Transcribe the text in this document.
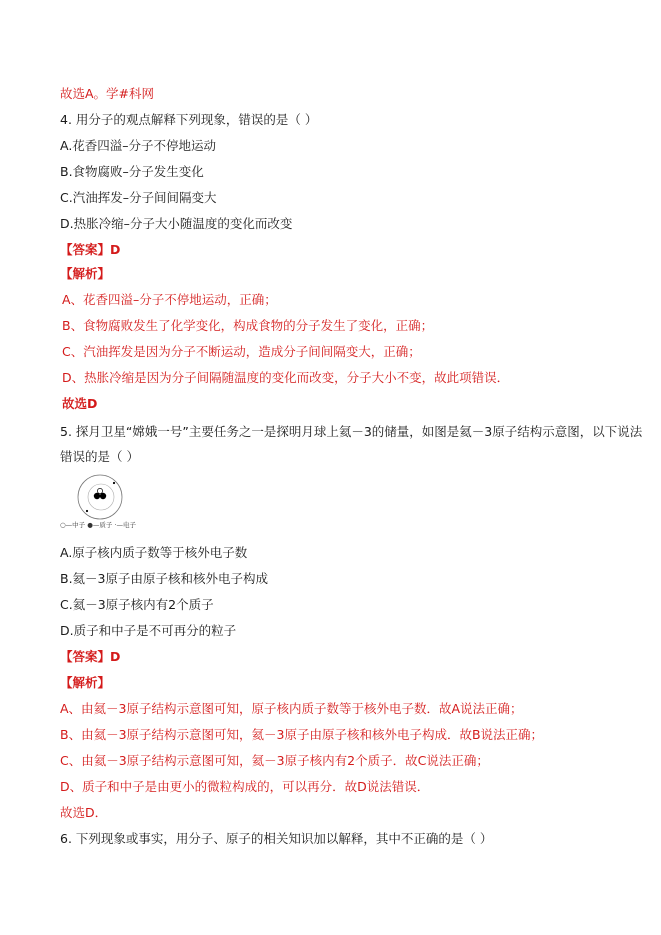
故选A。学#科网
4. 用分子的观点解释下列现象，错误的是（ ）
A.花香四溢–分子不停地运动
B.食物腐败–分子发生变化
C.汽油挥发–分子间间隔变大
D.热胀冷缩–分子大小随温度的变化而改变
【答案】D
【解析】
A、花香四溢–分子不停地运动，正确；
B、食物腐败发生了化学变化，构成食物的分子发生了变化，正确；
C、汽油挥发是因为分子不断运动，造成分子间间隔变大，正确；
D、热胀冷缩是因为分子间隔随温度的变化而改变，分子大小不变，故此项错误．
故选D
5. 探月卫星“嫦娥一号”主要任务之一是探明月球上氦－3的储量，如图是氦－3原子结构示意图，以下说法
错误的是（ ）
○—中子 ●—质子 ·—电子
A.原子核内质子数等于核外电子数
B.氦－3原子由原子核和核外电子构成
C.氦－3原子核内有2个质子
D.质子和中子是不可再分的粒子
【答案】D
【解析】
A、由氦－3原子结构示意图可知，原子核内质子数等于核外电子数．故A说法正确；
B、由氦－3原子结构示意图可知，氦－3原子由原子核和核外电子构成．故B说法正确；
C、由氦－3原子结构示意图可知，氦－3原子核内有2个质子．故C说法正确；
D、质子和中子是由更小的微粒构成的，可以再分．故D说法错误．
故选D．
6. 下列现象或事实，用分子、原子的相关知识加以解释，其中不正确的是（ ）
